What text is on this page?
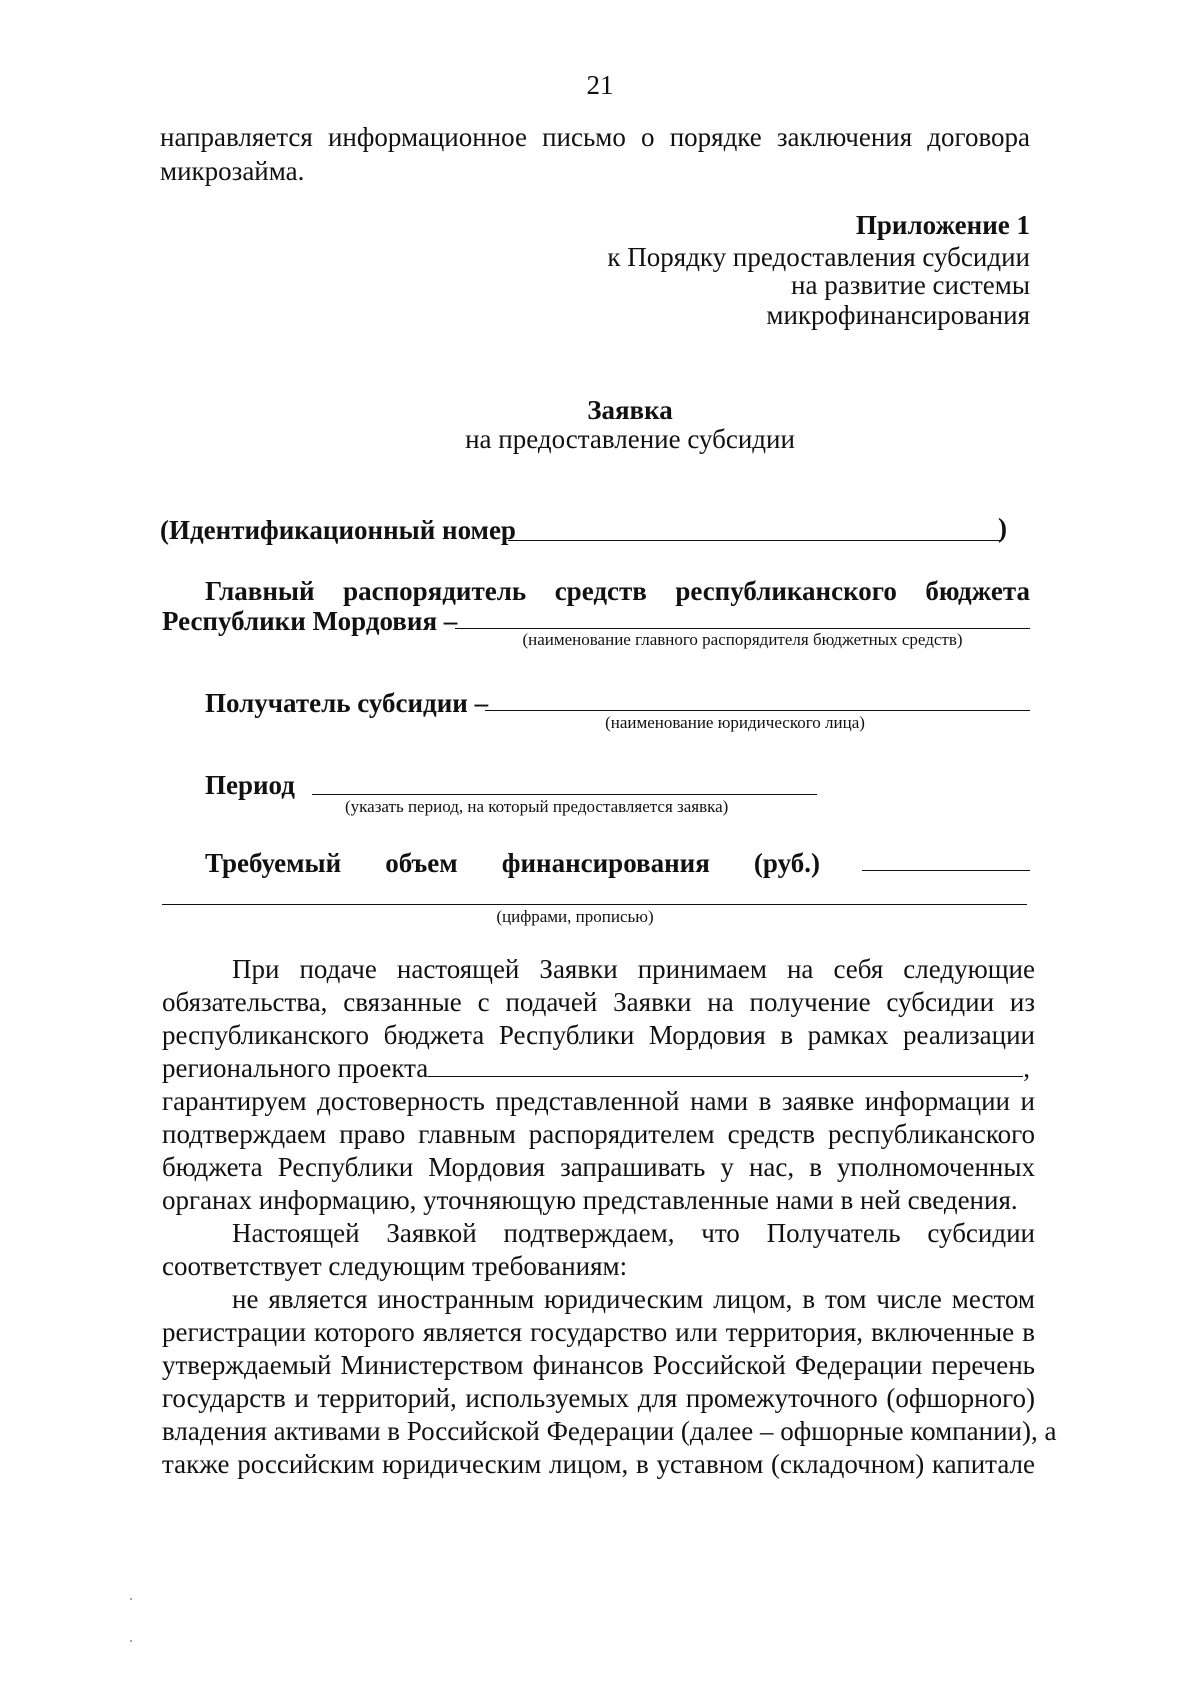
21
направляется информационное письмо о порядке заключения договора
микрозайма.
Приложение 1
к Порядку предоставления субсидии
на развитие системы
микрофинансирования
Заявка
на предоставление субсидии
(Идентификационный номер	)
Главный распорядитель средств республиканского бюджета
Республики Мордовия –
(наименование главного распорядителя бюджетных средств)
Получатель субсидии –
(наименование юридического лица)
Период
(указать период, на который предоставляется заявка)
Требуемый объем финансирования (руб.)
(цифрами, прописью)
При подаче настоящей Заявки принимаем на себя следующие
обязательства, связанные с подачей Заявки на получение субсидии из
республиканского бюджета Республики Мордовия в рамках реализации
регионального проекта	,
гарантируем достоверность представленной нами в заявке информации и
подтверждаем право главным распорядителем средств республиканского
бюджета Республики Мордовия запрашивать у нас, в уполномоченных
органах информацию, уточняющую представленные нами в ней сведения.
Настоящей Заявкой подтверждаем, что Получатель субсидии
соответствует следующим требованиям:
не является иностранным юридическим лицом, в том числе местом
регистрации которого является государство или территория, включенные в
утверждаемый Министерством финансов Российской Федерации перечень
государств и территорий, используемых для промежуточного (офшорного)
владения активами в Российской Федерации (далее – офшорные компании), а
также российским юридическим лицом, в уставном (складочном) капитале
